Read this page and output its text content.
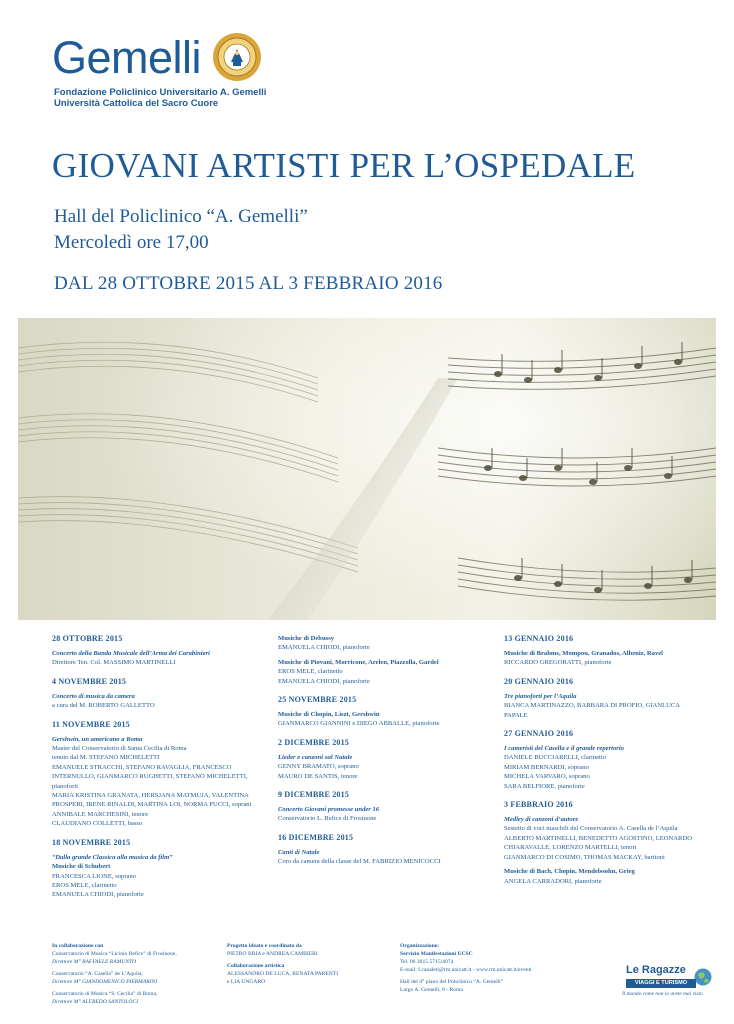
Gemelli
Fondazione Policlinico Universitario A. Gemelli
Università Cattolica del Sacro Cuore
GIOVANI ARTISTI PER L’OSPEDALE
Hall del Policlinico “A. Gemelli”
Mercoledì ore 17,00
DAL 28 OTTOBRE 2015 AL 3 FEBBRAIO 2016
28 OTTOBRE 2015
Concerto della Banda Musicale dell’Arma dei Carabinieri
Direttore Ten. Col. MASSIMO MARTINELLI
4 NOVEMBRE 2015
Concerto di musica da camera
a cura del M. ROBERTO GALLETTO
11 NOVEMBRE 2015
Gershwin, un americano a Roma
Master del Conservatorio di Santa Cecilia di Roma
tenuto dal M. STEFANO MICHELETTI
EMANUELE STRACCHI, STEFANO RAVAGLIA, FRANCESCO
INTERNULLO, GIANMARCO RUGHETTI, STEFANO MICHELETTI,
pianoforti
MARIA KRISTINA GRANATA, HERSJANA MATMUJA, VALENTINA
PROSPERI, IRENE RINALDI, MARTINA LOI, NORMA PUCCI, soprani
ANNIBALE MARCHESINI, tenore
CLAUDIANO COLLETTI, basso
18 NOVEMBRE 2015
“Dalla grande Classica alla musica da film”
Musiche di Schubert
FRANCESCA LIONE, soprano
EROS MELE, clarinetto
EMANUELA CHIODI, pianoforte
Musiche di Debussy
EMANUELA CHIODI, pianoforte
Musiche di Piovani, Morricone, Arelen, Piazzolla, Gardel
EROS MELE, clarinetto
EMANUELA CHIODI, pianoforte
25 NOVEMBRE 2015
Musiche di Chopin, Liszt, Gershwin
GIANMARCO GIANNINI e DIEGO ABBALLE, pianoforte
2 DICEMBRE 2015
Lieder e canzoni sul Natale
GENNY BRAMATO, soprano
MAURO DE SANTIS, tenore
9 DICEMBRE 2015
Concerto Giovani promesse under 16
Conservatorio L. Refice di Frosinone
16 DICEMBRE 2015
Canti di Natale
Coro da camera della classe del M. FABRIZIO MENICOCCI
13 GENNAIO 2016
Musiche di Brahms, Mompou, Granados, Albeniz, Ravel
RICCARDO GREGORATTI, pianoforte
20 GENNAIO 2016
Tre pianoforti per l’Aquila
BIANCA MARTINAZZO, BARBARA DI PROFIO, GIANLUCA
PAPALE
27 GENNAIO 2016
I cameristi del Casella e il grande repertorio
DANIELE BUCCIARELLI, clarinetto
MIRIAM BERNARDI, soprano
MICHELA VARVARO, soprano
SARA BELFIORE, pianoforte
3 FEBBRAIO 2016
Medley di canzoni d’autore
Sestetto di voci maschili del Conservatorio A. Casella de l’Aquila
ALBERTO MARTINELLI, BENEDETTO AGOSTINO, LEONARDO
CHIARAVALLE, LORENZO MARTELLI, tenori
GIANMARCO DI COSIMO, THOMAS MACKAY, baritoni
Musiche di Bach, Chopin, Mendelssohn, Grieg
ANGELA CARRADORI, pianoforte
In collaborazione con
Conservatorio di Musica “Licinio Refice” di Frosinone,
Direttore M° RAFFAELE RAMUNTO
Conservatorio “A. Casella” de L’Aquila,
Direttore M° GIANDOMENICO PIERMARINI
Conservatorio di Musica “S. Cecilia” di Roma,
Direttore M° ALFREDO SANTOLOCI
Progetto ideato e coordinato da
PIETRO BRIA e ANDREA CAMBIERI
Collaborazione artistica
ALESSANDRO DE LUCA, RENATA PARENTI
e LIA UNGARO
Organizzazione:
Servizio Manifestazioni UCSC
Tel. 06 3015 5715/4074
E-mail: f.canaleti@rm.unicatt.it - www.rm.unicatt.it/eventi
Hall del 4° piano del Policlinico “A. Gemelli”
Largo A. Gemelli, 8 - Roma
Le Ragazze
VIAGGI E TURISMO
Il mondo come non lo avete mai visto
